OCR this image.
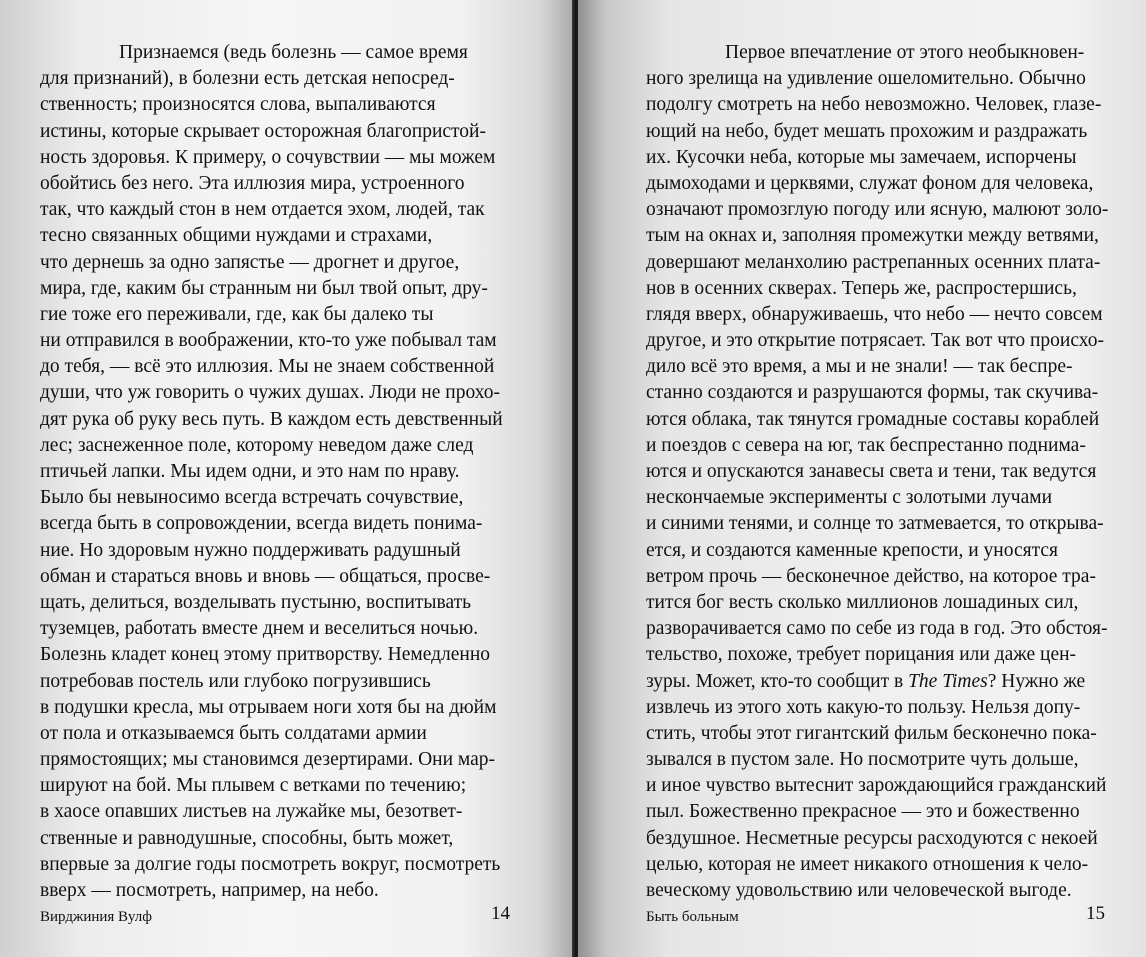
Признаемся (ведь болезнь — самое время
для признаний), в болезни есть детская непосред-
ственность; произносятся слова, выпаливаются
истины, которые скрывает осторожная благопристой-
ность здоровья. К примеру, о сочувствии — мы можем
обойтись без него. Эта иллюзия мира, устроенного
так, что каждый стон в нем отдается эхом, людей, так
тесно связанных общими нуждами и страхами,
что дернешь за одно запястье — дрогнет и другое,
мира, где, каким бы странным ни был твой опыт, дру-
гие тоже его переживали, где, как бы далеко ты
ни отправился в воображении, кто-то уже побывал там
до тебя, — всё это иллюзия. Мы не знаем собственной
души, что уж говорить о чужих душах. Люди не прохо-
дят рука об руку весь путь. В каждом есть девственный
лес; заснеженное поле, которому неведом даже след
птичьей лапки. Мы идем одни, и это нам по нраву.
Было бы невыносимо всегда встречать сочувствие,
всегда быть в сопровождении, всегда видеть понима-
ние. Но здоровым нужно поддерживать радушный
обман и стараться вновь и вновь — общаться, просве-
щать, делиться, возделывать пустыню, воспитывать
туземцев, работать вместе днем и веселиться ночью.
Болезнь кладет конец этому притворству. Немедленно
потребовав постель или глубоко погрузившись
в подушки кресла, мы отрываем ноги хотя бы на дюйм
от пола и отказываемся быть солдатами армии
прямостоящих; мы становимся дезертирами. Они мар-
шируют на бой. Мы плывем с ветками по течению;
в хаосе опавших листьев на лужайке мы, безответ-
ственные и равнодушные, способны, быть может,
впервые за долгие годы посмотреть вокруг, посмотреть
вверх — посмотреть, например, на небо.
Вирджиния Вулф	14
Первое впечатление от этого необыкновен-
ного зрелища на удивление ошеломительно. Обычно
подолгу смотреть на небо невозможно. Человек, глазе-
ющий на небо, будет мешать прохожим и раздражать
их. Кусочки неба, которые мы замечаем, испорчены
дымоходами и церквями, служат фоном для человека,
означают промозглую погоду или ясную, малюют золо-
тым на окнах и, заполняя промежутки между ветвями,
довершают меланхолию растрепанных осенних плата-
нов в осенних скверах. Теперь же, распростершись,
глядя вверх, обнаруживаешь, что небо — нечто совсем
другое, и это открытие потрясает. Так вот что происхо-
дило всё это время, а мы и не знали! — так беспре-
станно создаются и разрушаются формы, так скучива-
ются облака, так тянутся громадные составы кораблей
и поездов с севера на юг, так беспрестанно поднима-
ются и опускаются занавесы света и тени, так ведутся
нескончаемые эксперименты с золотыми лучами
и синими тенями, и солнце то затмевается, то открыва-
ется, и создаются каменные крепости, и уносятся
ветром прочь — бесконечное действо, на которое тра-
тится бог весть сколько миллионов лошадиных сил,
разворачивается само по себе из года в год. Это обстоя-
тельство, похоже, требует порицания или даже цен-
зуры. Может, кто-то сообщит в The Times? Нужно же
извлечь из этого хоть какую-то пользу. Нельзя допу-
стить, чтобы этот гигантский фильм бесконечно пока-
зывался в пустом зале. Но посмотрите чуть дольше,
и иное чувство вытеснит зарождающийся гражданский
пыл. Божественно прекрасное — это и божественно
бездушное. Несметные ресурсы расходуются с некоей
целью, которая не имеет никакого отношения к чело-
веческому удовольствию или человеческой выгоде.
Быть больным	15
